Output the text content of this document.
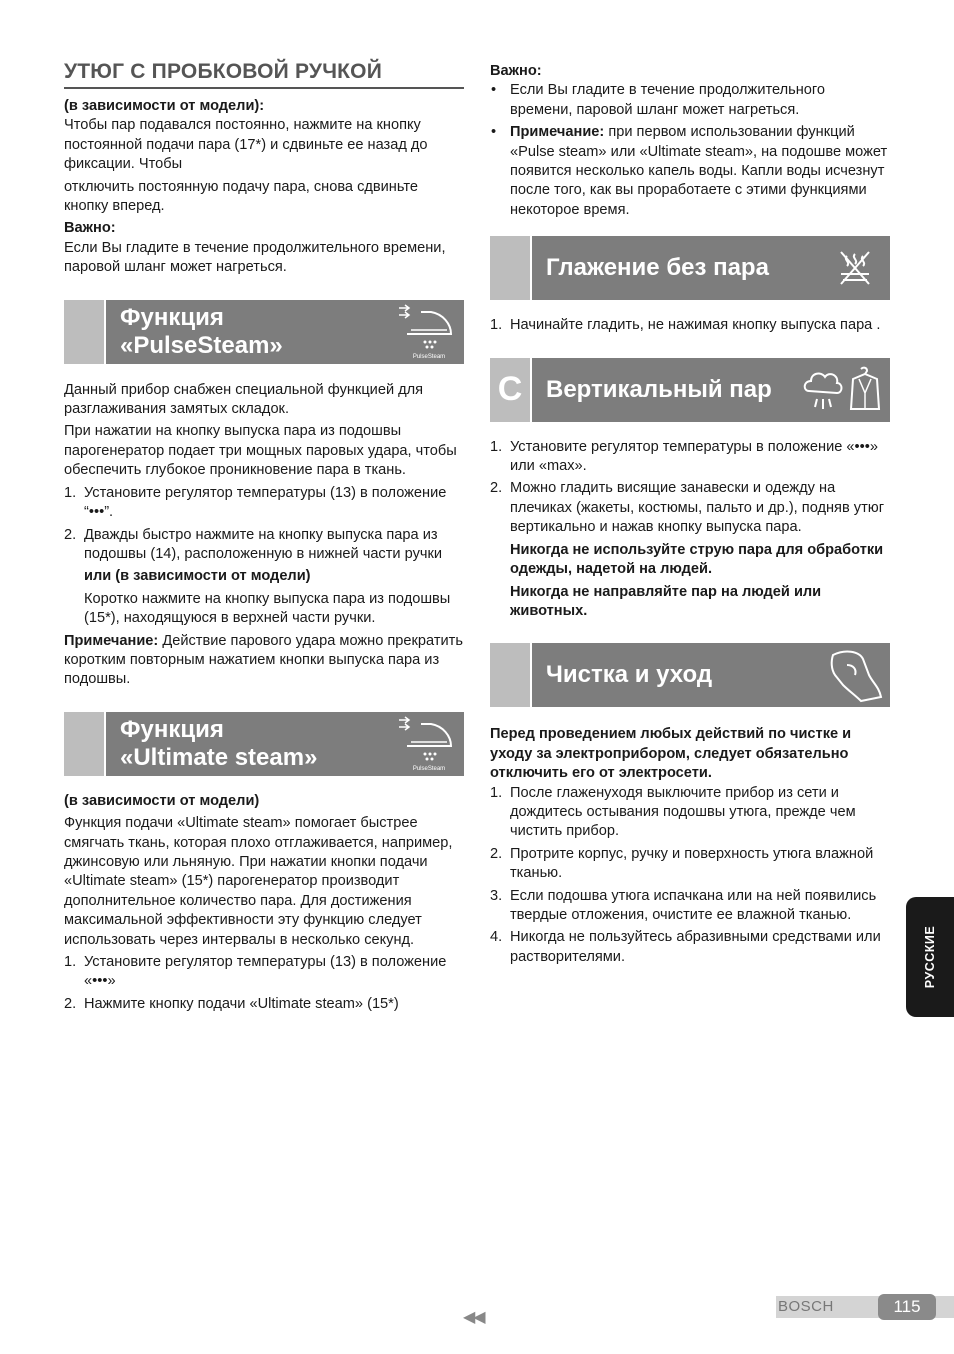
УТЮГ С ПРОБКОВОЙ РУЧКОЙ

(в зависимости от модели):

Чтобы пар подавался постоянно, нажмите на кнопку постоянной подачи пара (17*) и сдвиньте ее назад до фиксации. Чтобы

отключить постоянную подачу пара, снова сдвиньте кнопку вперед.

Важно:

Если Вы гладите в течение продолжительного времени, паровой шланг может нагреться.

Функция
«PulseSteam»	PulseSteam

Данный прибор снабжен специальной функцией для разглаживания замятых складок.

При нажатии на кнопку выпуска пара из подошвы парогенератор подает три мощных паровых удара, чтобы обеспечить глубокое проникновение пара в ткань.

1. Установите регулятор температуры (13) в положение “•••”.
2. Дважды быстро нажмите на кнопку выпуска пара из подошвы (14), расположенную в нижней части ручки

или (в зависимости от модели)

Коротко нажмите на кнопку выпуска пара из подошвы (15*), находящуюся в верхней части ручки.

Примечание: Действие парового удара можно прекратить коротким повторным нажатием кнопки выпуска пара из подошвы.

Функция
«Ultimate steam»	PulseSteam

(в зависимости от модели)

Функция подачи «Ultimate steam» помогает быстрее смягчать ткань, которая плохо отглаживается, например, джинсовую или льняную. При нажатии кнопки подачи «Ultimate steam» (15*) парогенератор производит дополнительное количество пара. Для достижения максимальной эффективности эту функцию следует использовать через интервалы в несколько секунд.

1. Установите регулятор температуры (13) в положение «•••»
2. Нажмите кнопку подачи «Ultimate steam» (15*)

Важно:

• Если Вы гладите в течение продолжительного времени, паровой шланг может нагреться.
• Примечание: при первом использовании функций «Pulse steam» или «Ultimate steam», на подошве может появится несколько капель воды. Капли воды исчезнут после того, как вы проработаете с этими функциями некоторое время.
Глажение без пара
1. Начинайте гладить, не нажимая кнопку выпуска пара .
C Вертикальный пар
1. Установите регулятор температуры в положение «•••» или «max».
2. Можно гладить висящие занавески и одежду на плечиках (жакеты, костюмы, пальто и др.), подняв утюг вертикально и нажав кнопку выпуска пара.

Никогда не используйте струю пара для обработки одежды, надетой на людей.

Никогда не направляйте пар на людей или животных.

Чистка и уход

Перед проведением любых действий по чистке и уходу за электроприбором, следует обязательно отключить его от электросети.

1. После глаженуходя выключите прибор из сети и дождитесь остывания подошвы утюга, прежде чем чистить прибор.
2. Протрите корпус, ручку и поверхность утюга влажной тканью.
3. Если подошва утюга испачкана или на ней появились твердые отложения, очистите ее влажной тканью.
4. Никогда не пользуйтесь абразивными средствами или растворителями.	РУССКИЕ
◀◀
BOSCH	115
